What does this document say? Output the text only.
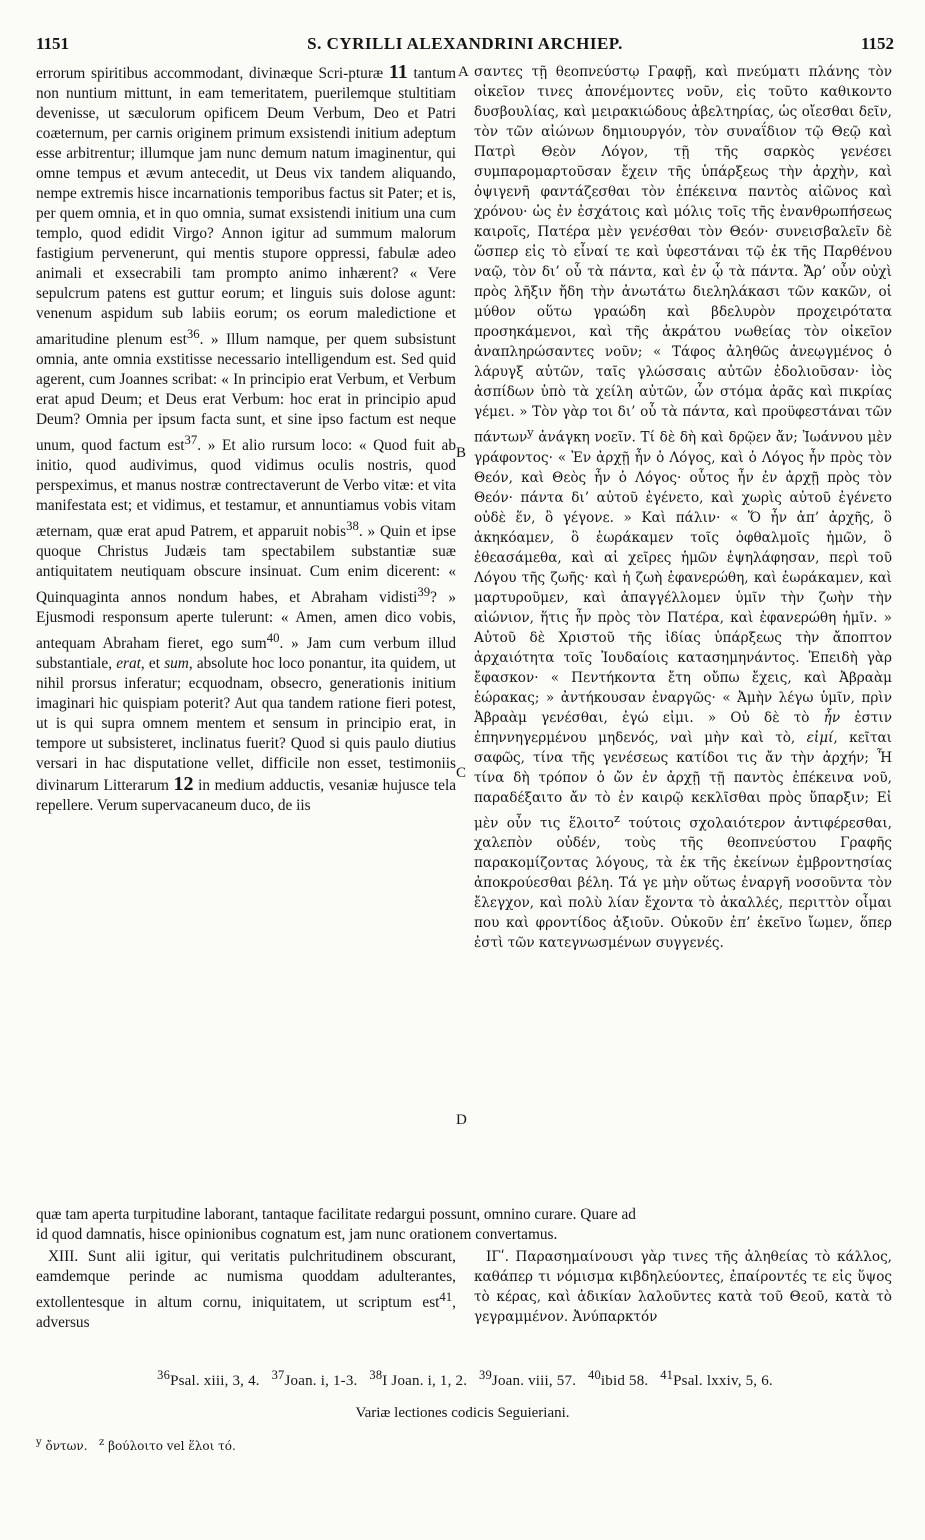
1151	S. CYRILLI ALEXANDRINI ARCHIEP.	1152
A
B
C
D

errorum spiritibus accommodant, divinæque Scri-pturæ 11 tantum non nuntium mittunt, in eam temeritatem, puerilemque stultitiam devenisse, ut sæculorum opificem Deum Verbum, Deo et Patri coæternum, per carnis originem primum exsistendi initium adeptum esse arbitrentur; illumque jam nunc demum natum imaginentur, qui omne tempus et ævum antecedit, ut Deus vix tandem aliquando, nempe extremis hisce incarnationis temporibus factus sit Pater; et is, per quem omnia, et in quo omnia, sumat exsistendi initium una cum templo, quod edidit Virgo? Annon igitur ad summum malorum fastigium pervenerunt, qui mentis stupore oppressi, fabulæ adeo animali et exsecrabili tam prompto animo inhærent? « Vere sepulcrum patens est guttur eorum; et linguis suis dolose agunt: venenum aspidum sub labiis eorum; os eorum maledictione et amaritudine plenum est$^{36}$. » Illum namque, per quem subsistunt omnia, ante omnia exstitisse necessario intelligendum est. Sed quid agerent, cum Joannes scribat: « In principio erat Verbum, et Verbum erat apud Deum; et Deus erat Verbum: hoc erat in principio apud Deum? Omnia per ipsum facta sunt, et sine ipso factum est neque unum, quod factum est$^{37}$. » Et alio rursum loco: « Quod fuit ab initio, quod audivimus, quod vidimus oculis nostris, quod perspeximus, et manus nostræ contrectaverunt de Verbo vitæ: et vita manifestata est; et vidimus, et testamur, et annuntiamus vobis vitam æternam, quæ erat apud Patrem, et apparuit nobis$^{38}$. » Quin et ipse quoque Christus Judæis tam spectabilem substantiæ suæ antiquitatem neutiquam obscure insinuat. Cum enim dicerent: « Quinquaginta annos nondum habes, et Abraham vidisti$^{39}$? » Ejusmodi responsum aperte tulerunt: « Amen, amen dico vobis, antequam Abraham fieret, ego sum$^{40}$. » Jam cum verbum illud substantiale, erat, et sum, absolute hoc loco ponantur, ita quidem, ut nihil prorsus inferatur; ecquodnam, obsecro, generationis initium imaginari hic quispiam poterit? Aut qua tandem ratione fieri potest, ut is qui supra omnem mentem et sensum in principio erat, in tempore ut subsisteret, inclinatus fuerit? Quod si quis paulo diutius versari in hac disputatione vellet, difficile non esset, testimoniis divinarum Litterarum 12 in medium adductis, vesaniæ hujusce tela repellere. Verum supervacaneum duco, de iis

σαντες τῇ θεοπνεύστῳ Γραφῇ, καὶ πνεύματι πλάνης τὸν οἰκεῖον τινες ἀπονέμοντες νοῦν, εἰς τοῦτο καθικοντο δυσβουλίας, καὶ μειρακιώδους ἀβελτηρίας, ὡς οἴεσθαι δεῖν, τὸν τῶν αἰώνων δημιουργόν, τὸν συναΐδιον τῷ Θεῷ καὶ Πατρὶ Θεὸν Λόγον, τῇ τῆς σαρκὸς γενέσει συμπαρομαρτοῦσαν ἔχειν τῆς ὑπάρξεως τὴν ἀρχὴν, καὶ ὀψιγενῆ φαντάζεσθαι τὸν ἐπέκεινα παντὸς αἰῶνος καὶ χρόνου· ὡς ἐν ἐσχάτοις καὶ μόλις τοῖς τῆς ἐνανθρωπήσεως καιροῖς, Πατέρα μὲν γενέσθαι τὸν Θεόν· συνεισβαλεῖν δὲ ὥσπερ εἰς τὸ εἶναί τε καὶ ὑφεστάναι τῷ ἐκ τῆς Παρθένου ναῷ, τὸν δι’ οὗ τὰ πάντα, καὶ ἐν ᾧ τὰ πάντα. Ἄρ’ οὖν οὐχὶ πρὸς λῆξιν ἤδη τὴν ἀνωτάτω διεληλάκασι τῶν κακῶν, οἱ μύθον οὕτω γραώδη καὶ βδελυρὸν προχειρότατα προσηκάμενοι, καὶ τῆς ἀκράτου νωθείας τὸν οἰκεῖον ἀναπληρώσαντες νοῦν; « Τάφος ἀληθῶς ἀνεῳγμένος ὁ λάρυγξ αὐτῶν, ταῖς γλώσσαις αὐτῶν ἐδολιοῦσαν· ἰὸς ἀσπίδων ὑπὸ τὰ χείλη αὐτῶν, ὧν στόμα ἀρᾶς καὶ πικρίας γέμει. » Τὸν γὰρ τοι δι’ οὗ τὰ πάντα, καὶ προϋφεστάναι τῶν πάντων$^y$ ἀνάγκη νοεῖν. Τί δὲ δὴ καὶ δρῷεν ἄν; Ἰωάννου μὲν γράφοντος· « Ἐν ἀρχῇ ἦν ὁ Λόγος, καὶ ὁ Λόγος ἦν πρὸς τὸν Θεόν, καὶ Θεὸς ἦν ὁ Λόγος· οὗτος ἦν ἐν ἀρχῇ πρὸς τὸν Θεόν· πάντα δι’ αὐτοῦ ἐγένετο, καὶ χωρὶς αὐτοῦ ἐγένετο οὐδὲ ἕν, ὃ γέγονε. » Καὶ πάλιν· « Ὅ ἦν ἀπ’ ἀρχῆς, ὃ ἀκηκόαμεν, ὃ ἑωράκαμεν τοῖς ὀφθαλμοῖς ἡμῶν, ὃ ἐθεασάμεθα, καὶ αἱ χεῖρες ἡμῶν ἐψηλάφησαν, περὶ τοῦ Λόγου τῆς ζωῆς· καὶ ἡ ζωὴ ἐφανερώθη, καὶ ἑωράκαμεν, καὶ μαρτυροῦμεν, καὶ ἀπαγγέλλομεν ὑμῖν τὴν ζωὴν τὴν αἰώνιον, ἥτις ἦν πρὸς τὸν Πατέρα, καὶ ἐφανερώθη ἡμῖν. » Αὐτοῦ δὲ Χριστοῦ τῆς ἰδίας ὑπάρξεως τὴν ἄποπτον ἀρχαιότητα τοῖς Ἰουδαίοις κατασημηνάντος. Ἐπειδὴ γὰρ ἔφασκον· « Πεντήκοντα ἔτη οὔπω ἔχεις, καὶ Ἀβραὰμ ἑώρακας; » ἀντήκουσαν ἐναργῶς· « Ἀμὴν λέγω ὑμῖν, πρὶν Ἀβραὰμ γενέσθαι, ἐγώ εἰμι. » Οὐ δὲ τὸ ἦν ἐστιν ἐπηννηγερμένου μηδενός, ναὶ μὴν καὶ τὸ, εἰμί, κεῖται σαφῶς, τίνα τῆς γενέσεως κατίδοι τις ἄν τὴν ἀρχήν; Ἦ τίνα δὴ τρόπον ὁ ὤν ἐν ἀρχῇ τῇ παντὸς ἐπέκεινα νοῦ, παραδέξαιτο ἄν τὸ ἐν καιρῷ κεκλῖσθαι πρὸς ὕπαρξιν; Εἰ μὲν οὖν τις ἕλοιτο$^z$ τούτοις σχολαιότερον ἀντιφέρεσθαι, χαλεπὸν οὐδέν, τοὺς τῆς θεοπνεύστου Γραφῆς παρακομίζοντας λόγους, τὰ ἐκ τῆς ἐκείνων ἐμβροντησίας ἀποκρούεσθαι βέλη. Τά γε μὴν οὕτως ἐναργῆ νοσοῦντα τὸν ἔλεγχον, καὶ πολὺ λίαν ἔχοντα τὸ ἀκαλλές, περιττὸν οἶμαι που καὶ φροντίδος ἀξιοῦν. Οὐκοῦν ἐπ’ ἐκεῖνο ἴωμεν, ὅπερ ἐστὶ τῶν κατεγνωσμένων συγγενές.

quæ tam aperta turpitudine laborant, tantaque facilitate redargui possunt, omnino curare. Quare ad
id quod damnatis, hisce opinionibus cognatum est, jam nunc orationem convertamus.

XIII. Sunt alii igitur, qui veritatis pulchritudinem obscurant, eamdemque perinde ac numisma quoddam adulterantes, extollentesque in altum cornu, iniquitatem, ut scriptum est$^{41}$, adversus

ΙΓʹ. Παρασημαίνουσι γὰρ τινες τῆς ἀληθείας τὸ κάλλος, καθάπερ τι νόμισμα κιβδηλεύοντες, ἐπαίροντές τε εἰς ὕψος τὸ κέρας, καὶ ἀδικίαν λαλοῦντες κατὰ τοῦ Θεοῦ, κατὰ τὸ γεγραμμένον. Ἀνύπαρκτόν

$^{36}$Psal. xiii, 3, 4. $^{37}$Joan. i, 1-3. $^{38}$I Joan. i, 1, 2. $^{39}$Joan. viii, 57. $^{40}$ibid 58. $^{41}$Psal. lxxiv, 5, 6.
Variæ lectiones codicis Seguieriani.
$^y$ ὄντων. $^z$ βούλοιτο vel ἕλοι τό.
